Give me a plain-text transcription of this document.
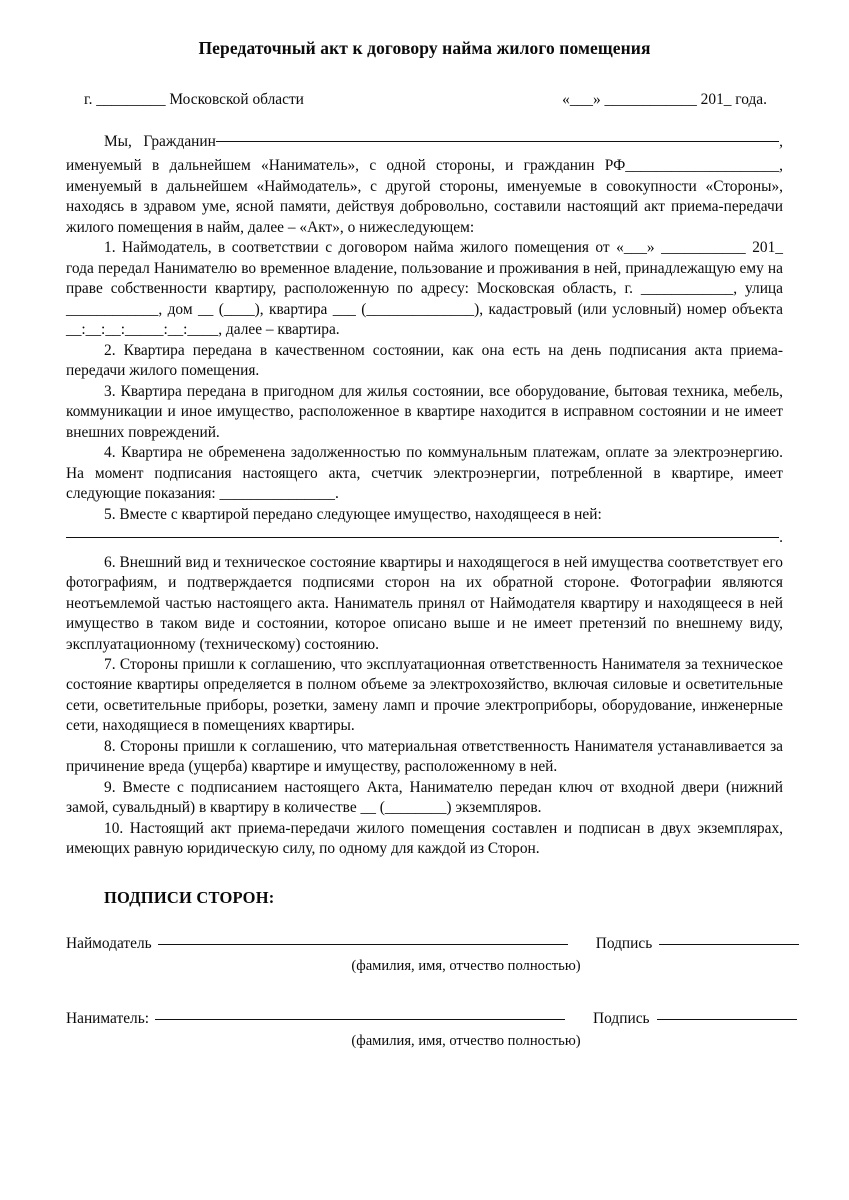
Передаточный акт к договору найма жилого помещения
г. _________ Московской области	«___» ____________ 201_ года.
Мы,   Гражданин	,

именуемый в дальнейшем «Наниматель», с одной стороны, и гражданин РФ____________________, именуемый в дальнейшем «Наймодатель», с другой стороны, именуемые в совокупности «Стороны», находясь в здравом уме, ясной памяти, действуя добровольно, составили настоящий акт приема-передачи жилого помещения в найм, далее – «Акт», о нижеследующем:

1. Наймодатель, в соответствии с договором найма жилого помещения от «___» ___________ 201_ года передал Нанимателю во временное владение, пользование и проживания в ней, принадлежащую ему на праве собственности квартиру, расположенную по адресу: Московская область, г. ____________, улица ____________, дом __ (____), квартира ___ (______________), кадастровый (или условный) номер объекта __:__:__:_____:__:____, далее – квартира.

2. Квартира передана в качественном состоянии, как она есть на день подписания акта приема-передачи жилого помещения.

3. Квартира передана в пригодном для жилья состоянии, все оборудование, бытовая техника, мебель, коммуникации и иное имущество, расположенное в квартире находится в исправном состоянии и не имеет внешних повреждений.

4. Квартира не обременена задолженностью по коммунальным платежам, оплате за электроэнергию. На момент подписания настоящего акта, счетчик электроэнергии, потребленной в квартире, имеет следующие показания: _______________.

5. Вместе с квартирой передано следующее имущество, находящееся в ней:

.

6. Внешний вид и техническое состояние квартиры и находящегося в ней имущества соответствует его фотографиям, и подтверждается подписями сторон на их обратной стороне. Фотографии являются неотъемлемой частью настоящего акта. Наниматель принял от Наймодателя квартиру и находящееся в ней имущество в таком виде и состоянии, которое описано выше и не имеет претензий по внешнему виду, эксплуатационному (техническому) состоянию.

7. Стороны пришли к соглашению, что эксплуатационная ответственность Нанимателя за техническое состояние квартиры определяется в полном объеме за электрохозяйство, включая силовые и осветительные сети, осветительные приборы, розетки, замену ламп и прочие электроприборы, оборудование, инженерные сети, находящиеся в помещениях квартиры.

8. Стороны пришли к соглашению, что материальная ответственность Нанимателя устанавливается за причинение вреда (ущерба) квартире и имуществу, расположенному в ней.

9. Вместе с подписанием настоящего Акта, Нанимателю передан ключ от входной двери (нижний замой, сувальдный) в квартиру в количестве __ (________) экземпляров.

10. Настоящий акт приема-передачи жилого помещения составлен и подписан в двух экземплярах, имеющих равную юридическую силу, по одному для каждой из Сторон.

ПОДПИСИ СТОРОН:
Наймодатель	Подпись
(фамилия, имя, отчество полностью)
Наниматель:	Подпись
(фамилия, имя, отчество полностью)
